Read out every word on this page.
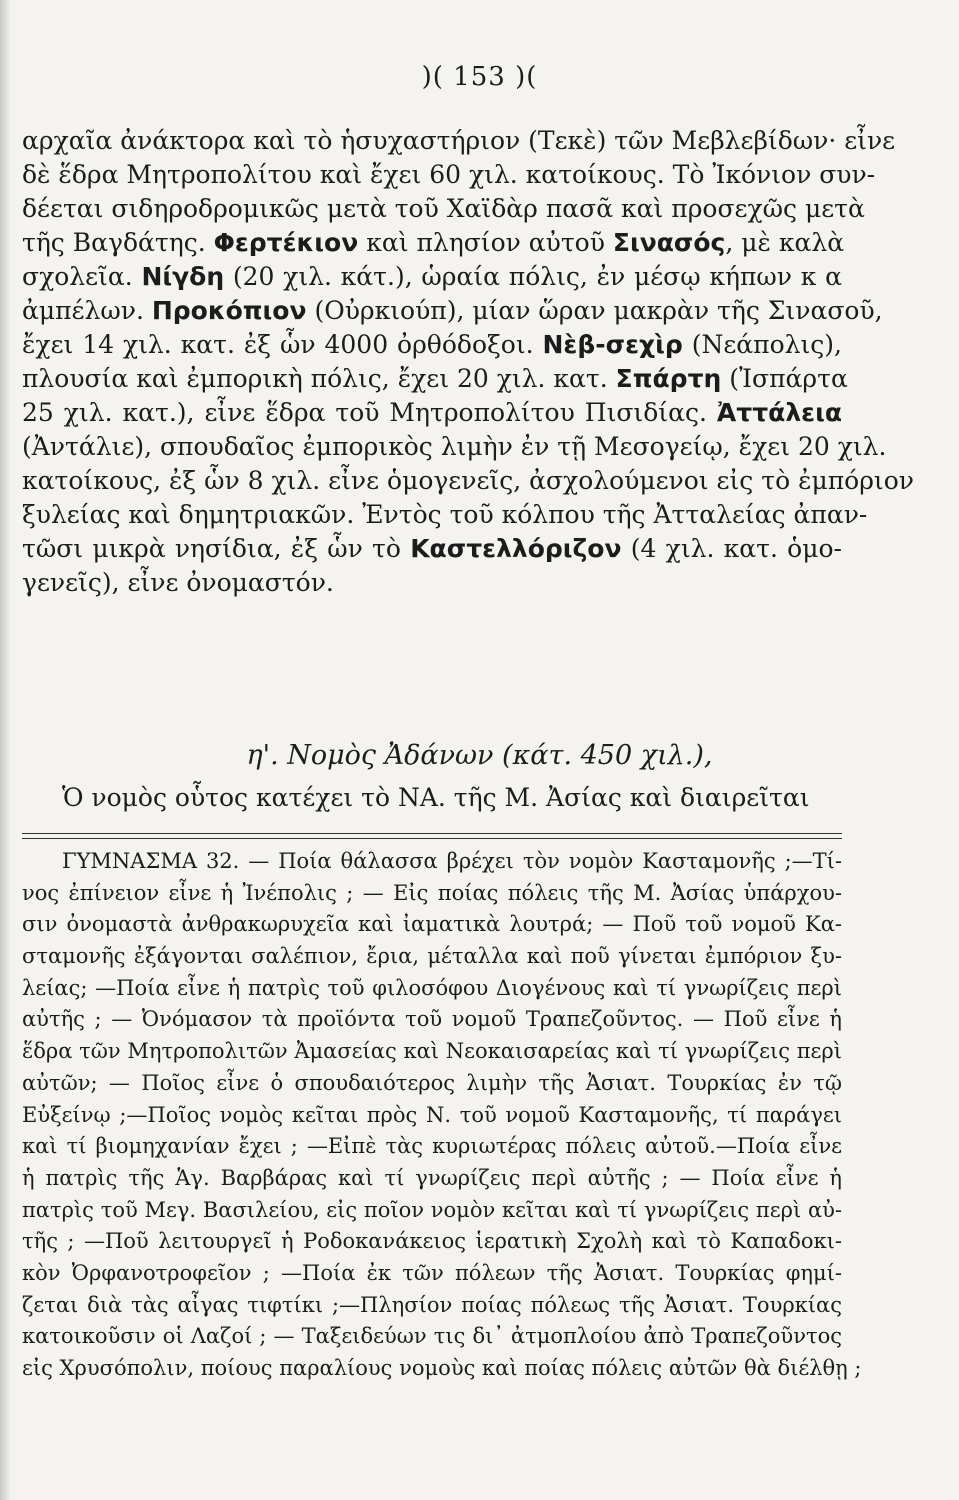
)( 153 )(
αρχαῖα ἀνάκτορα καὶ τὸ ἡσυχαστήριον (Τεκὲ) τῶν Μεβλεβίδων· εἶνε
δὲ ἕδρα Μητροπολίτου καὶ ἔχει 60 χιλ. κατοίκους. Τὸ Ἰκόνιον συν-
δέεται σιδηροδρομικῶς μετὰ τοῦ Χαϊδὰρ πασᾶ καὶ προσεχῶς μετὰ
τῆς Βαγδάτης. Φερτέκιον καὶ πλησίον αὐτοῦ Σινασός, μὲ καλὰ
σχολεῖα. Νίγδη (20 χιλ. κάτ.), ὡραία πόλις, ἐν μέσῳ κήπων κ α
ἀμπέλων. Προκόπιον (Οὐρκιούπ), μίαν ὥραν μακρὰν τῆς Σινασοῦ,
ἔχει 14 χιλ. κατ. ἐξ ὧν 4000 ὀρθόδοξοι. Νὲβ-σεχὶρ (Νεάπολις),
πλουσία καὶ ἐμπορικὴ πόλις, ἔχει 20 χιλ. κατ. Σπάρτη (Ἰσπάρτα
25 χιλ. κατ.), εἶνε ἕδρα τοῦ Μητροπολίτου Πισιδίας. Ἀττάλεια
(Ἀντάλιε), σπουδαῖος ἐμπορικὸς λιμὴν ἐν τῇ Μεσογείῳ, ἔχει 20 χιλ.
κατοίκους, ἐξ ὧν 8 χιλ. εἶνε ὁμογενεῖς, ἀσχολούμενοι εἰς τὸ ἐμπόριον
ξυλείας καὶ δημητριακῶν. Ἐντὸς τοῦ κόλπου τῆς Ἀτταλείας ἀπαν-
τῶσι μικρὰ νησίδια, ἐξ ὧν τὸ Καστελλόριζον (4 χιλ. κατ. ὁμο-
γενεῖς), εἶνε ὀνομαστόν.
η'. Νομὸς Ἀδάνων (κάτ. 450 χιλ.),
Ὁ νομὸς οὗτος κατέχει τὸ ΝΑ. τῆς Μ. Ἀσίας καὶ διαιρεῖται
ΓΥΜΝΑΣΜΑ 32. — Ποία θάλασσα βρέχει τὸν νομὸν Κασταμονῆς ;—Τί-
νος ἐπίνειον εἶνε ἡ Ἰνέπολις ; — Εἰς ποίας πόλεις τῆς Μ. Ἀσίας ὑπάρχου-
σιν ὀνομαστὰ ἀνθρακωρυχεῖα καὶ ἰαματικὰ λουτρά; — Ποῦ τοῦ νομοῦ Κα-
σταμονῆς ἐξάγονται σαλέπιον, ἔρια, μέταλλα καὶ ποῦ γίνεται ἐμπόριον ξυ-
λείας; —Ποία εἶνε ἡ πατρὶς τοῦ φιλοσόφου Διογένους καὶ τί γνωρίζεις περὶ
αὐτῆς ; — Ὀνόμασον τὰ προϊόντα τοῦ νομοῦ Τραπεζοῦντος. — Ποῦ εἶνε ἡ
ἕδρα τῶν Μητροπολιτῶν Ἀμασείας καὶ Νεοκαισαρείας καὶ τί γνωρίζεις περὶ
αὐτῶν; — Ποῖος εἶνε ὁ σπουδαιότερος λιμὴν τῆς Ἀσιατ. Τουρκίας ἐν τῷ
Εὐξείνῳ ;—Ποῖος νομὸς κεῖται πρὸς Ν. τοῦ νομοῦ Κασταμονῆς, τί παράγει
καὶ τί βιομηχανίαν ἔχει ; —Εἰπὲ τὰς κυριωτέρας πόλεις αὐτοῦ.—Ποία εἶνε
ἡ πατρὶς τῆς Ἁγ. Βαρβάρας καὶ τί γνωρίζεις περὶ αὐτῆς ; — Ποία εἶνε ἡ
πατρὶς τοῦ Μεγ. Βασιλείου, εἰς ποῖον νομὸν κεῖται καὶ τί γνωρίζεις περὶ αὐ-
τῆς ; —Ποῦ λειτουργεῖ ἡ Ροδοκανάκειος ἱερατικὴ Σχολὴ καὶ τὸ Καπαδοκι-
κὸν Ὀρφανοτροφεῖον ; —Ποία ἐκ τῶν πόλεων τῆς Ἀσιατ. Τουρκίας φημί-
ζεται διὰ τὰς αἶγας τιφτίκι ;—Πλησίον ποίας πόλεως τῆς Ἀσιατ. Τουρκίας
κατοικοῦσιν οἱ Λαζοί ; — Ταξειδεύων τις δι᾽ ἀτμοπλοίου ἀπὸ Τραπεζοῦντος
εἰς Χρυσόπολιν, ποίους παραλίους νομοὺς καὶ ποίας πόλεις αὐτῶν θὰ διέλθῃ ;
